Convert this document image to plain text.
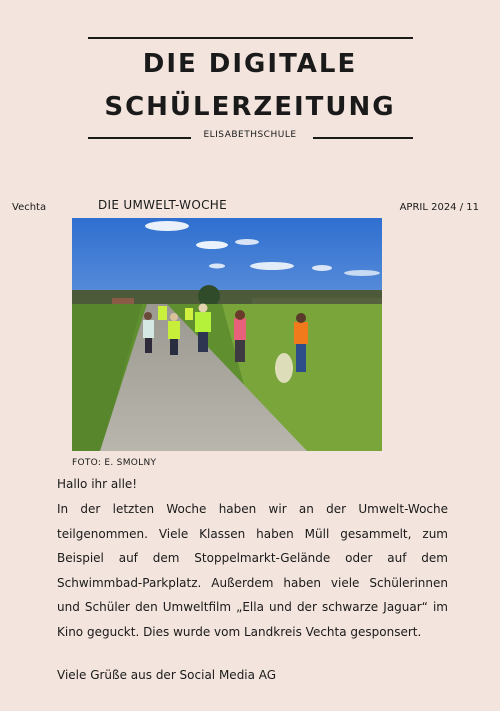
DIE DIGITALE
SCHÜLERZEITUNG
ELISABETHSCHULE
Vechta	DIE UMWELT-WOCHE	APRIL 2024 / 11
FOTO: E. SMOLNY
Hallo ihr alle!
In der letzten Woche haben wir an der Umwelt-Woche teilgenommen. Viele Klassen haben Müll gesammelt, zum Beispiel auf dem Stoppelmarkt-Gelände oder auf dem Schwimmbad-Parkplatz. Außerdem haben viele Schülerinnen und Schüler den Umweltfilm „Ella und der schwarze Jaguar“ im Kino geguckt. Dies wurde vom Landkreis Vechta gesponsert.
Viele Grüße aus der Social Media AG
